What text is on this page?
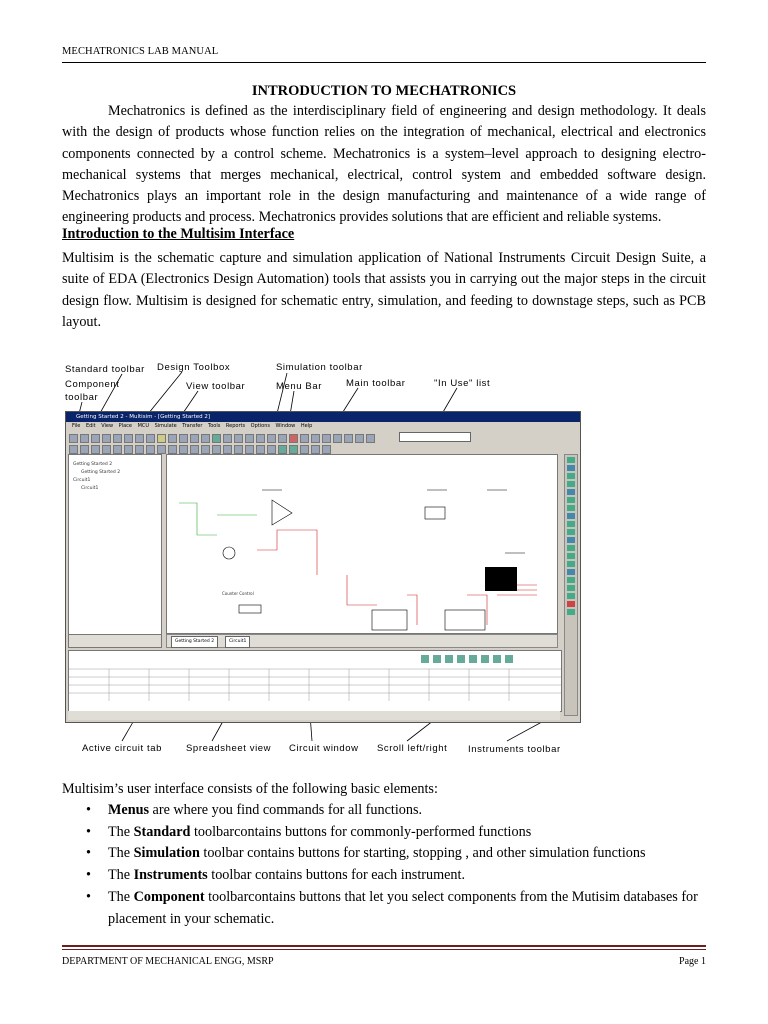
MECHATRONICS LAB MANUAL
INTRODUCTION TO MECHATRONICS

Mechatronics is defined as the interdisciplinary field of engineering and design methodology. It deals with the design of products whose function relies on the integration of mechanical, electrical and electronics components connected by a control scheme. Mechatronics is a system–level approach to designing electro-mechanical systems that merges mechanical, electrical, control system and embedded software design. Mechatronics plays an important role in the design manufacturing and maintenance of a wide range of engineering products and process. Mechatronics provides solutions that are efficient and reliable systems.

Introduction to the Multisim Interface

Multisim is the schematic capture and simulation application of National Instruments Circuit Design Suite, a suite of EDA (Electronics Design Automation) tools that assists you in carrying out the major steps in the circuit design flow. Multisim is designed for schematic entry, simulation, and feeding to downstage steps, such as PCB layout.

Standard toolbar Design Toolbox	Simulation toolbar
Component
toolbar
View toolbar	Menu Bar	Main toolbar	"In Use" list
Getting Started 2 - Multisim - [Getting Started 2]
File Edit View Place MCU Simulate Transfer Tools Reports Options Window Help
Getting Started 2
Getting Started 2
Circuit1
Circuit1
Counter Control
Getting Started 2	Circuit1
Active circuit tab	Spreadsheet view Circuit window Scroll left/right Instruments toolbar
Multisim’s user interface consists of the following basic elements:
• Menus are where you find commands for all functions.
• The Standard toolbarcontains buttons for commonly-performed functions
• The Simulation toolbar contains buttons for starting, stopping , and other simulation functions
• The Instruments toolbar contains buttons for each instrument.
• The Component toolbarcontains buttons that let you select components from the Mutisim databases for placement in your schematic.
DEPARTMENT OF MECHANICAL ENGG, MSRP	Page 1
